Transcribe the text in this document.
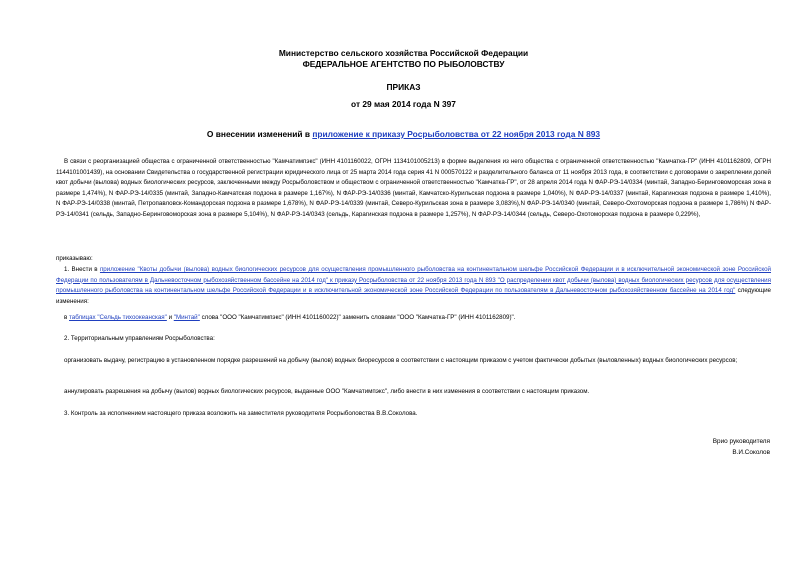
Министерство сельского хозяйства Российской Федерации
ФЕДЕРАЛЬНОЕ АГЕНТСТВО ПО РЫБОЛОВСТВУ
ПРИКАЗ
от 29 мая 2014 года N 397
О внесении изменений в приложение к приказу Росрыболовства от 22 ноября 2013 года N 893
В связи с реорганизацией общества с ограниченной ответственностью "Камчатимпэкс" (ИНН 4101160022, ОГРН 1134101005213) в форме выделения из него общества с ограниченной ответственностью "Камчатка-ГР" (ИНН 4101162809, ОГРН 1144101001439), на основании Свидетельства о государственной регистрации юридического лица от 25 марта 2014 года серия 41 N 000570122 и разделительного баланса от 11 ноября 2013 года, в соответствии с договорами о закреплении долей квот добычи (вылова) водных биологических ресурсов, заключенными между Росрыболовством и обществом с ограниченной ответственностью "Камчатка-ГР", от 28 апреля 2014 года N ФАР-РЭ-14/0334 (минтай, Западно-Беринговоморская зона в размере 1,474%), N ФАР-РЭ-14/0335 (минтай, Западно-Камчатская подзона в размере 1,167%), N ФАР-РЭ-14/0336 (минтай, Камчатско-Курильская подзона в размере 1,040%), N ФАР-РЭ-14/0337 (минтай, Карагинская подзона в размере 1,410%), N ФАР-РЭ-14/0338 (минтай, Петропавловск-Командорская подзона в размере 1,678%), N ФАР-РЭ-14/0339 (минтай, Северо-Курильская зона в размере 3,083%),N ФАР-РЭ-14/0340 (минтай, Северо-Охотоморская подзона в размере 1,786%) N ФАР-РЭ-14/0341 (сельдь, Западно-Беринговоморская зона в размере 5,104%), N ФАР-РЭ-14/0343 (сельдь, Карагинская подзона в размере 1,257%), N ФАР-РЭ-14/0344 (сельдь, Северо-Охотоморская подзона в размере 0,229%),
приказываю:
1. Внести в приложение "Квоты добычи (вылова) водных биологических ресурсов для осуществления промышленного рыболовства на континентальном шельфе Российской Федерации и в исключительной экономической зоне Российской Федерации по пользователям в Дальневосточном рыбохозяйственном бассейне на 2014 год" к приказу Росрыболовства от 22 ноября 2013 года N 893 "О распределении квот добычи (вылова) водных биологических ресурсов для осуществления промышленного рыболовства на континентальном шельфе Российской Федерации и в исключительной экономической зоне Российской Федерации по пользователям в Дальневосточном рыбохозяйственном бассейне на 2014 год" следующие изменения:
в таблицах "Сельдь тихоокеанская" и "Минтай" слова "ООО "Камчатимпэкс" (ИНН 4101160022)" заменить словами "ООО "Камчатка-ГР" (ИНН 4101162809)".
2. Территориальным управлениям Росрыболовства:
организовать выдачу, регистрацию в установленном порядке разрешений на добычу (вылов) водных биоресурсов в соответствии с настоящим приказом с учетом фактически добытых (выловленных) водных биологических ресурсов;
аннулировать разрешения на добычу (вылов) водных биологических ресурсов, выданные ООО "Камчатимпэкс", либо внести в них изменения в соответствии с настоящим приказом.
3. Контроль за исполнением настоящего приказа возложить на заместителя руководителя Росрыболовства В.В.Соколова.
Врио руководителя
В.И.Соколов
